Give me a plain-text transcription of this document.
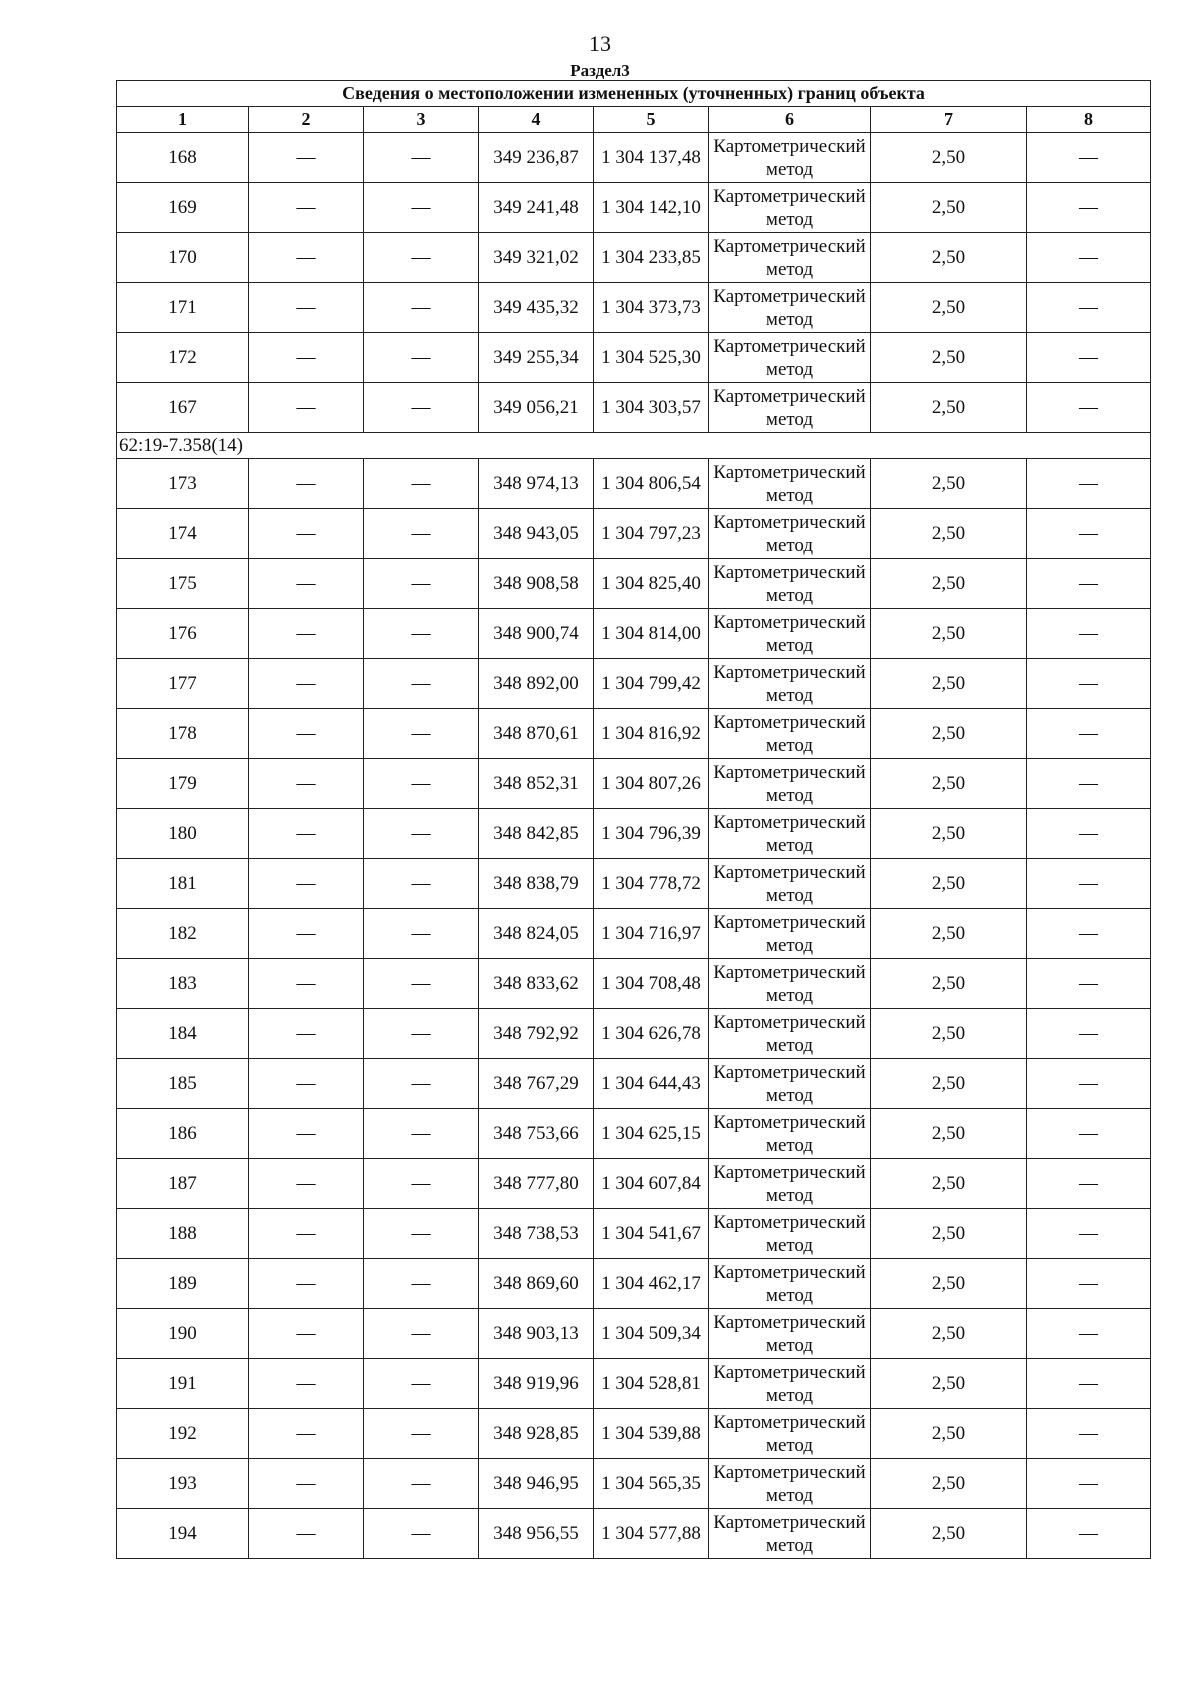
13
Раздел3
Сведения о местоположении измененных (уточненных) границ объекта							
1	2	3	4	5	6	7	8
168	—	—	349 236,87	1 304 137,48	Картометрический метод	2,50	—
169	—	—	349 241,48	1 304 142,10	Картометрический метод	2,50	—
170	—	—	349 321,02	1 304 233,85	Картометрический метод	2,50	—
171	—	—	349 435,32	1 304 373,73	Картометрический метод	2,50	—
172	—	—	349 255,34	1 304 525,30	Картометрический метод	2,50	—
167	—	—	349 056,21	1 304 303,57	Картометрический метод	2,50	—
62:19-7.358(14)							
173	—	—	348 974,13	1 304 806,54	Картометрический метод	2,50	—
174	—	—	348 943,05	1 304 797,23	Картометрический метод	2,50	—
175	—	—	348 908,58	1 304 825,40	Картометрический метод	2,50	—
176	—	—	348 900,74	1 304 814,00	Картометрический метод	2,50	—
177	—	—	348 892,00	1 304 799,42	Картометрический метод	2,50	—
178	—	—	348 870,61	1 304 816,92	Картометрический метод	2,50	—
179	—	—	348 852,31	1 304 807,26	Картометрический метод	2,50	—
180	—	—	348 842,85	1 304 796,39	Картометрический метод	2,50	—
181	—	—	348 838,79	1 304 778,72	Картометрический метод	2,50	—
182	—	—	348 824,05	1 304 716,97	Картометрический метод	2,50	—
183	—	—	348 833,62	1 304 708,48	Картометрический метод	2,50	—
184	—	—	348 792,92	1 304 626,78	Картометрический метод	2,50	—
185	—	—	348 767,29	1 304 644,43	Картометрический метод	2,50	—
186	—	—	348 753,66	1 304 625,15	Картометрический метод	2,50	—
187	—	—	348 777,80	1 304 607,84	Картометрический метод	2,50	—
188	—	—	348 738,53	1 304 541,67	Картометрический метод	2,50	—
189	—	—	348 869,60	1 304 462,17	Картометрический метод	2,50	—
190	—	—	348 903,13	1 304 509,34	Картометрический метод	2,50	—
191	—	—	348 919,96	1 304 528,81	Картометрический метод	2,50	—
192	—	—	348 928,85	1 304 539,88	Картометрический метод	2,50	—
193	—	—	348 946,95	1 304 565,35	Картометрический метод	2,50	—
194	—	—	348 956,55	1 304 577,88	Картометрический метод	2,50	—
